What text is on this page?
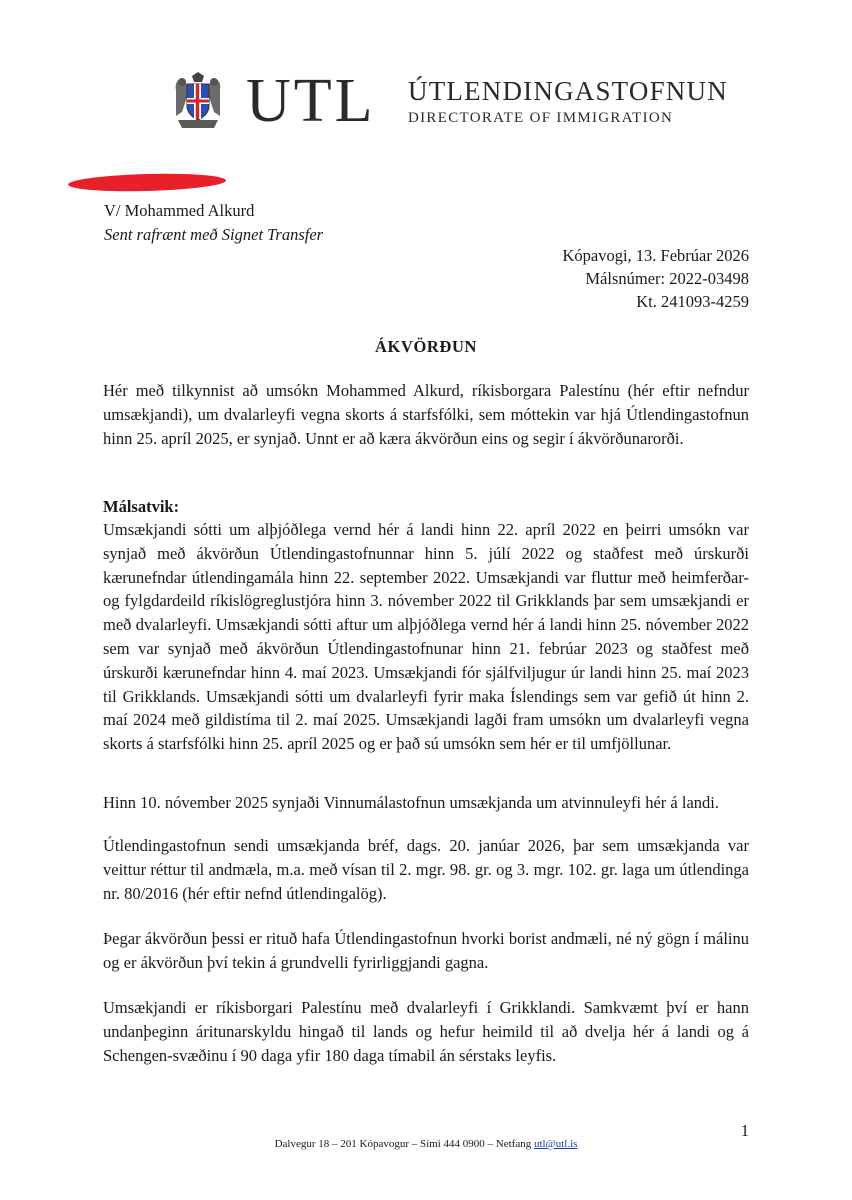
UTL ÚTLENDINGASTOFNUN
DIRECTORATE OF IMMIGRATION
V/ Mohammed Alkurd
Sent rafrænt með Signet Transfer
Kópavogi, 13. Febrúar 2026
Málsnúmer: 2022-03498
Kt. 241093-4259
ÁKVÖRÐUN

Hér með tilkynnist að umsókn Mohammed Alkurd, ríkisborgara Palestínu (hér eftir nefndur umsækjandi), um dvalarleyfi vegna skorts á starfsfólki, sem móttekin var hjá Útlendingastofnun hinn 25. apríl 2025, er synjað. Unnt er að kæra ákvörðun eins og segir í ákvörðunarorði.

Málsatvik:

Umsækjandi sótti um alþjóðlega vernd hér á landi hinn 22. apríl 2022 en þeirri umsókn var synjað með ákvörðun Útlendingastofnunnar hinn 5. júlí 2022 og staðfest með úrskurði kærunefndar útlendingamála hinn 22. september 2022. Umsækjandi var fluttur með heimferðar- og fylgdardeild ríkislögreglustjóra hinn 3. nóvember 2022 til Grikklands þar sem umsækjandi er með dvalarleyfi. Umsækjandi sótti aftur um alþjóðlega vernd hér á landi hinn 25. nóvember 2022 sem var synjað með ákvörðun Útlendingastofnunar hinn 21. febrúar 2023 og staðfest með úrskurði kærunefndar hinn 4. maí 2023. Umsækjandi fór sjálfviljugur úr landi hinn 25. maí 2023 til Grikklands. Umsækjandi sótti um dvalarleyfi fyrir maka Íslendings sem var gefið út hinn 2. maí 2024 með gildistíma til 2. maí 2025. Umsækjandi lagði fram umsókn um dvalarleyfi vegna skorts á starfsfólki hinn 25. apríl 2025 og er það sú umsókn sem hér er til umfjöllunar.

Hinn 10. nóvember 2025 synjaði Vinnumálastofnun umsækjanda um atvinnuleyfi hér á landi.

Útlendingastofnun sendi umsækjanda bréf, dags. 20. janúar 2026, þar sem umsækjanda var veittur réttur til andmæla, m.a. með vísan til 2. mgr. 98. gr. og 3. mgr. 102. gr. laga um útlendinga nr. 80/2016 (hér eftir nefnd útlendingalög).

Þegar ákvörðun þessi er rituð hafa Útlendingastofnun hvorki borist andmæli, né ný gögn í málinu og er ákvörðun því tekin á grundvelli fyrirliggjandi gagna.

Umsækjandi er ríkisborgari Palestínu með dvalarleyfi í Grikklandi. Samkvæmt því er hann undanþeginn áritunarskyldu hingað til lands og hefur heimild til að dvelja hér á landi og á Schengen-svæðinu í 90 daga yfir 180 daga tímabil án sérstaks leyfis.

1
Dalvegur 18 – 201 Kópavogur – Sími 444 0900 – Netfang utl@utl.is
